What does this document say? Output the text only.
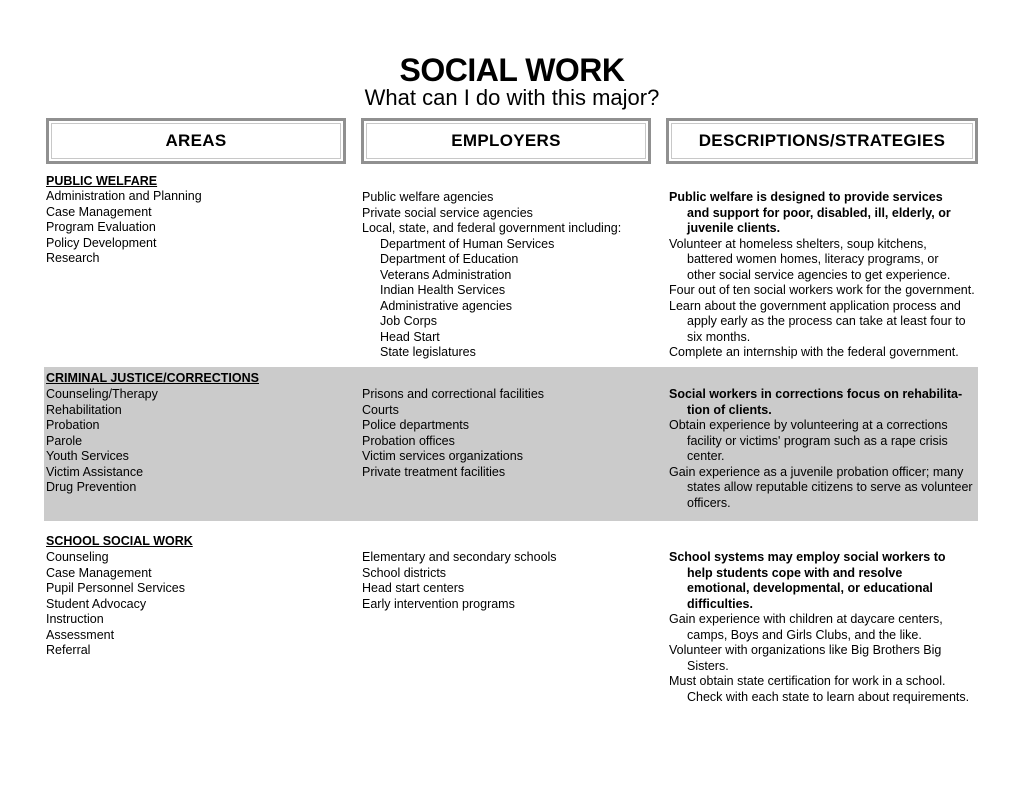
SOCIAL WORK
What can I do with this major?
AREAS	EMPLOYERS	DESCRIPTIONS/STRATEGIES
PUBLIC WELFARE
Administration and Planning
Case Management
Program Evaluation
Policy Development
Research
Public welfare agencies
Private social service agencies
Local, state, and federal government including:
Department of Human Services
Department of Education
Veterans Administration
Indian Health Services
Administrative agencies
Job Corps
Head Start
State legislatures
Public welfare is designed to provide services
and support for poor, disabled, ill, elderly, or
juvenile clients.
Volunteer at homeless shelters, soup kitchens,
battered women homes, literacy programs, or
other social service agencies to get experience.
Four out of ten social workers work for the government.
Learn about the government application process and
apply early as the process can take at least four to
six months.
Complete an internship with the federal government.
CRIMINAL JUSTICE/CORRECTIONS
Counseling/Therapy
Rehabilitation
Probation
Parole
Youth Services
Victim Assistance
Drug Prevention
Prisons and correctional facilities
Courts
Police departments
Probation offices
Victim services organizations
Private treatment facilities
Social workers in corrections focus on rehabilita-
tion of clients.
Obtain experience by volunteering at a corrections
facility or victims' program such as a rape crisis
center.
Gain experience as a juvenile probation officer; many
states allow reputable citizens to serve as volunteer
officers.
SCHOOL SOCIAL WORK
Counseling
Case Management
Pupil Personnel Services
Student Advocacy
Instruction
Assessment
Referral
Elementary and secondary schools
School districts
Head start centers
Early intervention programs
School systems may employ social workers to
help students cope with and resolve
emotional, developmental, or educational
difficulties.
Gain experience with children at daycare centers,
camps, Boys and Girls Clubs, and the like.
Volunteer with organizations like Big Brothers Big
Sisters.
Must obtain state certification for work in a school.
Check with each state to learn about requirements.
